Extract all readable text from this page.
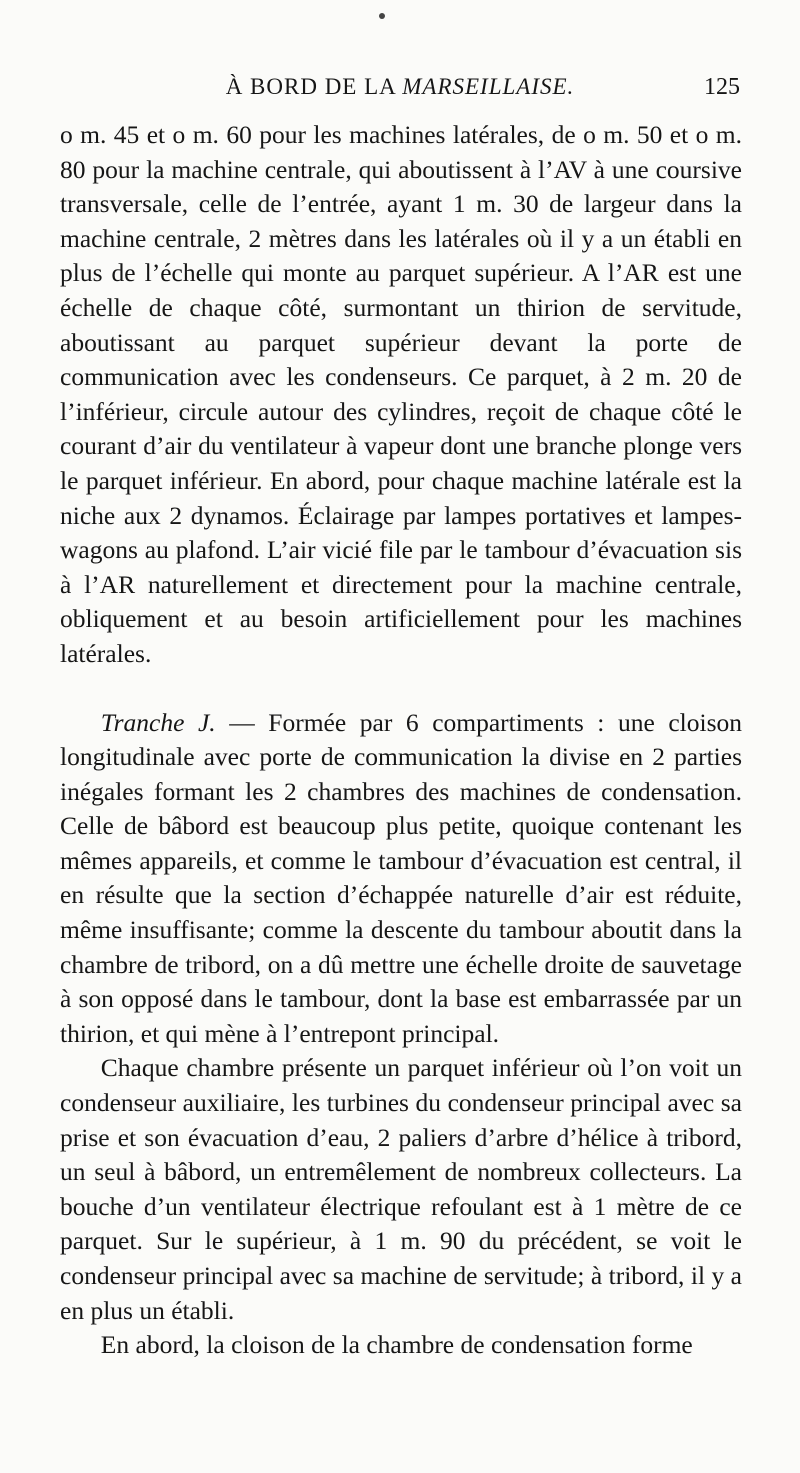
À BORD DE LA MARSEILLAISE.	125

o m. 45 et o m. 60 pour les machines latérales, de o m. 50 et o m. 80 pour la machine centrale, qui aboutissent à l’AV à une coursive transversale, celle de l’entrée, ayant 1 m. 30 de largeur dans la machine centrale, 2 mètres dans les latérales où il y a un établi en plus de l’échelle qui monte au parquet supérieur. A l’AR est une échelle de chaque côté, surmontant un thirion de servitude, aboutissant au parquet supérieur devant la porte de communication avec les condenseurs. Ce parquet, à 2 m. 20 de l’inférieur, circule autour des cylindres, reçoit de chaque côté le courant d’air du ventilateur à vapeur dont une branche plonge vers le parquet inférieur. En abord, pour chaque machine latérale est la niche aux 2 dynamos. Éclairage par lampes portatives et lampes-wagons au plafond. L’air vicié file par le tambour d’évacuation sis à l’AR naturellement et directement pour la machine centrale, obliquement et au besoin artificiellement pour les machines latérales.

Tranche J. — Formée par 6 compartiments : une cloison longitudinale avec porte de communication la divise en 2 parties inégales formant les 2 chambres des machines de condensation. Celle de bâbord est beaucoup plus petite, quoique contenant les mêmes appareils, et comme le tambour d’évacuation est central, il en résulte que la section d’échappée naturelle d’air est réduite, même insuffisante; comme la descente du tambour aboutit dans la chambre de tribord, on a dû mettre une échelle droite de sauvetage à son opposé dans le tambour, dont la base est embarrassée par un thirion, et qui mène à l’entrepont principal.

Chaque chambre présente un parquet inférieur où l’on voit un condenseur auxiliaire, les turbines du condenseur principal avec sa prise et son évacuation d’eau, 2 paliers d’arbre d’hélice à tribord, un seul à bâbord, un entremêlement de nombreux collecteurs. La bouche d’un ventilateur électrique refoulant est à 1 mètre de ce parquet. Sur le supérieur, à 1 m. 90 du précédent, se voit le condenseur principal avec sa machine de servitude; à tribord, il y a en plus un établi.

En abord, la cloison de la chambre de condensation forme
